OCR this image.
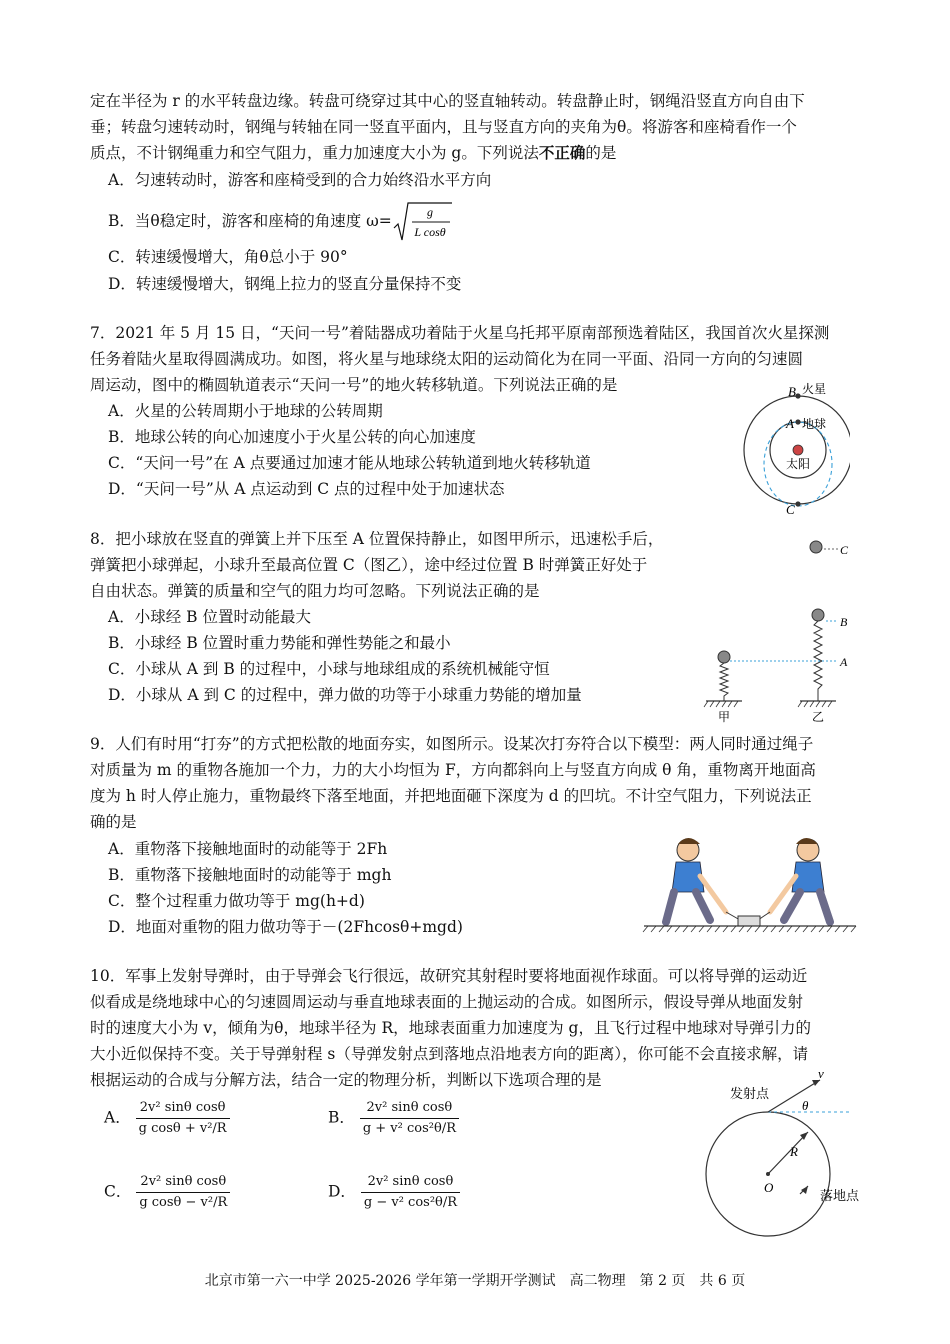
定在半径为 r 的水平转盘边缘。转盘可绕穿过其中心的竖直轴转动。转盘静止时，钢绳沿竖直方向自由下
垂；转盘匀速转动时，钢绳与转轴在同一竖直平面内，且与竖直方向的夹角为θ。将游客和座椅看作一个
质点，不计钢绳重力和空气阻力，重力加速度大小为 g。下列说法不正确的是
A．匀速转动时，游客和座椅受到的合力始终沿水平方向
B．当θ稳定时，游客和座椅的角速度 ω=	g
L cosθ
C．转速缓慢增大，角θ总小于 90°
D．转速缓慢增大，钢绳上拉力的竖直分量保持不变
7．2021 年 5 月 15 日，“天问一号”着陆器成功着陆于火星乌托邦平原南部预选着陆区，我国首次火星探测
任务着陆火星取得圆满成功。如图，将火星与地球绕太阳的运动简化为在同一平面、沿同一方向的匀速圆
周运动，图中的椭圆轨道表示“天问一号”的地火转移轨道。下列说法正确的是
A．火星的公转周期小于地球的公转周期
B．地球公转的向心加速度小于火星公转的向心加速度
C．“天问一号”在 A 点要通过加速才能从地球公转轨道到地火转移轨道
D．“天问一号”从 A 点运动到 C 点的过程中处于加速状态
B 火星
A 地球
太阳
C
8．把小球放在竖直的弹簧上并下压至 A 位置保持静止，如图甲所示，迅速松手后，
弹簧把小球弹起，小球升至最高位置 C（图乙），途中经过位置 B 时弹簧正好处于
自由状态。弹簧的质量和空气的阻力均可忽略。下列说法正确的是
A．小球经 B 位置时动能最大
B．小球经 B 位置时重力势能和弹性势能之和最小
C．小球从 A 到 B 的过程中，小球与地球组成的系统机械能守恒
D．小球从 A 到 C 的过程中，弹力做的功等于小球重力势能的增加量
C
B
A
甲	乙
9．人们有时用“打夯”的方式把松散的地面夯实，如图所示。设某次打夯符合以下模型：两人同时通过绳子
对质量为 m 的重物各施加一个力，力的大小均恒为 F，方向都斜向上与竖直方向成 θ 角，重物离开地面高
度为 h 时人停止施力，重物最终下落至地面，并把地面砸下深度为 d 的凹坑。不计空气阻力，下列说法正
确的是
A．重物落下接触地面时的动能等于 2Fh
B．重物落下接触地面时的动能等于 mgh
C．整个过程重力做功等于 mg(h+d)
D．地面对重物的阻力做功等于－(2Fhcosθ+mgd)
10．军事上发射导弹时，由于导弹会飞行很远，故研究其射程时要将地面视作球面。可以将导弹的运动近
似看成是绕地球中心的匀速圆周运动与垂直地球表面的上抛运动的合成。如图所示，假设导弹从地面发射
时的速度大小为 v，倾角为θ，地球半径为 R，地球表面重力加速度为 g，且飞行过程中地球对导弹引力的
大小近似保持不变。关于导弹射程 s（导弹发射点到落地点沿地表方向的距离），你可能不会直接求解，请
根据运动的合成与分解方法，结合一定的物理分析，判断以下选项合理的是
A． $\frac{\text{2v² sinθ cosθ}}{\text{g cosθ + v²/R}}$	B． $\frac{\text{2v² sinθ cosθ}}{\text{g + v² cos²θ/R}}$
C． $\frac{\text{2v² sinθ cosθ}}{\text{g cosθ − v²/R}}$	D． $\frac{\text{2v² sinθ cosθ}}{\text{g − v² cos²θ/R}}$
发射点
v
θ
R
O
落地点
北京市第一六一中学 2025-2026 学年第一学期开学测试　高二物理　第 2 页　共 6 页
